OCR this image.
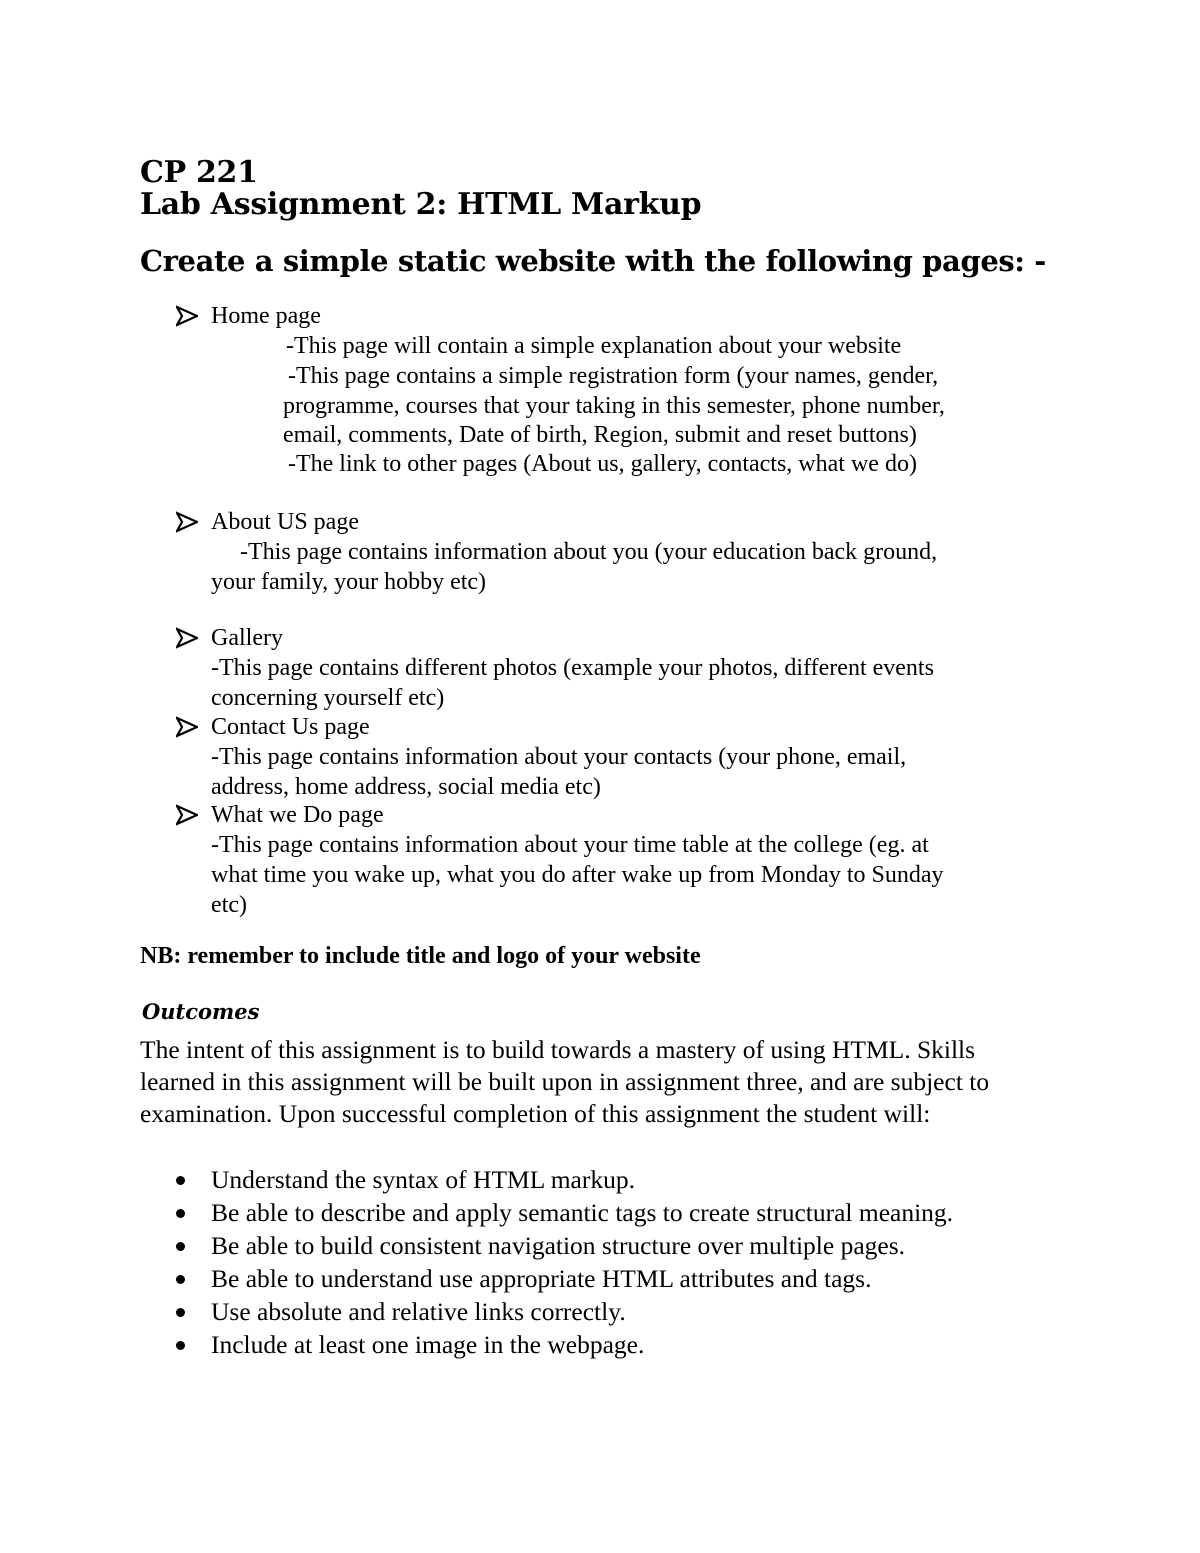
CP 221
Lab Assignment 2: HTML Markup
Create a simple static website with the following pages: -
Home page
-This page will contain a simple explanation about your website
-This page contains a simple registration form (your names, gender,
programme, courses that your taking in this semester, phone number,
email, comments, Date of birth, Region, submit and reset buttons)
-The link to other pages (About us, gallery, contacts, what we do)
About US page
-This page contains information about you (your education back ground,
your family, your hobby etc)
Gallery
-This page contains different photos (example your photos, different events
concerning yourself etc)
Contact Us page
-This page contains information about your contacts (your phone, email,
address, home address, social media etc)
What we Do page
-This page contains information about your time table at the college (eg. at
what time you wake up, what you do after wake up from Monday to Sunday
etc)
NB: remember to include title and logo of your website
Outcomes
The intent of this assignment is to build towards a mastery of using HTML. Skills
learned in this assignment will be built upon in assignment three, and are subject to
examination. Upon successful completion of this assignment the student will:
Understand the syntax of HTML markup.
Be able to describe and apply semantic tags to create structural meaning.
Be able to build consistent navigation structure over multiple pages.
Be able to understand use appropriate HTML attributes and tags.
Use absolute and relative links correctly.
Include at least one image in the webpage.
